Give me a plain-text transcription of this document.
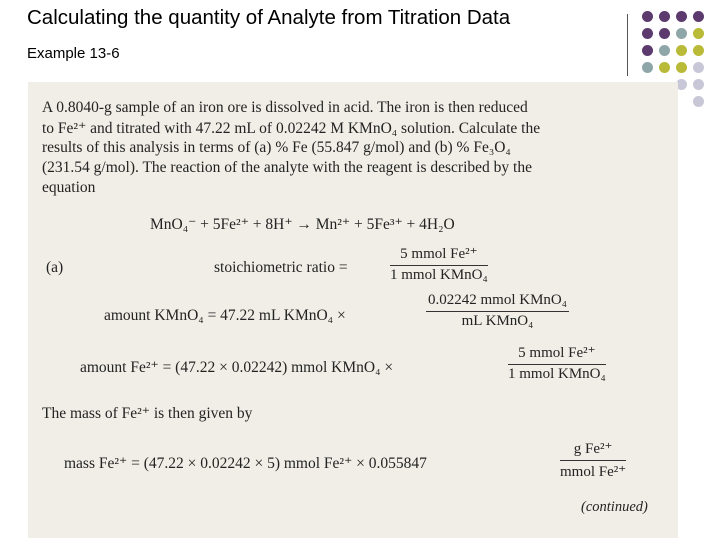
Calculating the quantity of Analyte from Titration Data
Example 13-6
A 0.8040-g sample of an iron ore is dissolved in acid. The iron is then reduced
to Fe²⁺ and titrated with 47.22 mL of 0.02242 M KMnO₄ solution. Calculate the
results of this analysis in terms of (a) % Fe (55.847 g/mol) and (b) % Fe₃O₄
(231.54 g/mol). The reaction of the analyte with the reagent is described by the
equation
MnO₄⁻ + 5Fe²⁺ + 8H⁺ → Mn²⁺ + 5Fe³⁺ + 4H₂O
(a)	stoichiometric ratio =
5 mmol Fe²⁺
1 mmol KMnO₄
amount KMnO₄ = 47.22 mL KMnO₄ ×
0.02242 mmol KMnO₄
mL KMnO₄
amount Fe²⁺ = (47.22 × 0.02242) mmol KMnO₄ ×
5 mmol Fe²⁺
1 mmol KMnO₄
The mass of Fe²⁺ is then given by
mass Fe²⁺ = (47.22 × 0.02242 × 5) mmol Fe²⁺ × 0.055847
g Fe²⁺
mmol Fe²⁺
(continued)
